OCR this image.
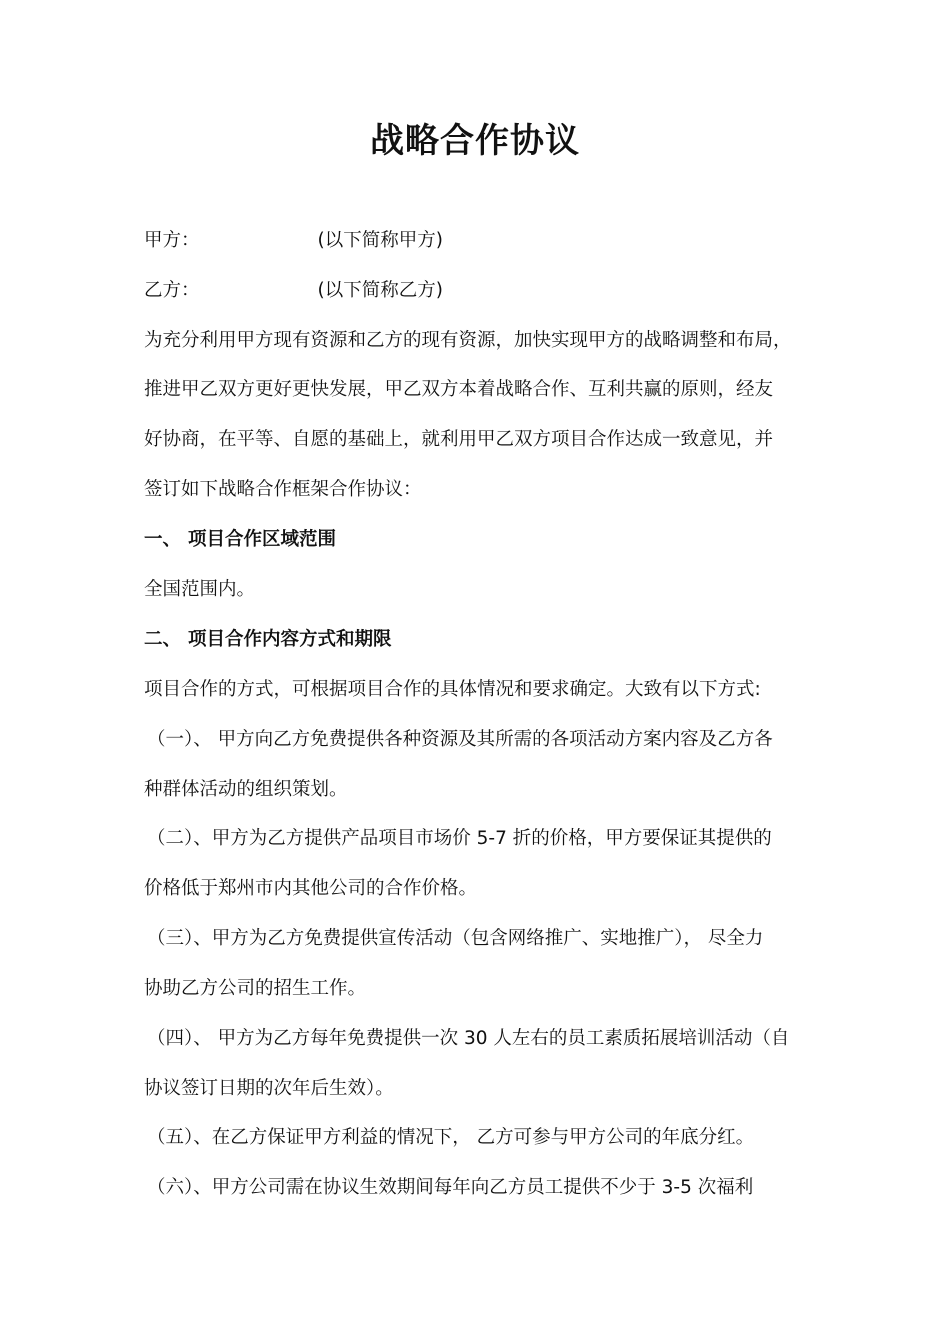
战略合作协议
甲方：	(以下简称甲方)
乙方：	(以下简称乙方)
为充分利用甲方现有资源和乙方的现有资源，加快实现甲方的战略调整和布局，
推进甲乙双方更好更快发展，甲乙双方本着战略合作、互利共赢的原则，经友
好协商，在平等、自愿的基础上，就利用甲乙双方项目合作达成一致意见，并
签订如下战略合作框架合作协议：
一、 项目合作区域范围
全国范围内。
二、 项目合作内容方式和期限
项目合作的方式，可根据项目合作的具体情况和要求确定。大致有以下方式:
（一）、 甲方向乙方免费提供各种资源及其所需的各项活动方案内容及乙方各
种群体活动的组织策划。
（二）、甲方为乙方提供产品项目市场价 5-7 折的价格，甲方要保证其提供的
价格低于郑州市内其他公司的合作价格。
（三）、甲方为乙方免费提供宣传活动（包含网络推广、实地推广）， 尽全力
协助乙方公司的招生工作。
（四）、 甲方为乙方每年免费提供一次 30 人左右的员工素质拓展培训活动（自
协议签订日期的次年后生效）。
（五）、在乙方保证甲方利益的情况下， 乙方可参与甲方公司的年底分红。
（六）、甲方公司需在协议生效期间每年向乙方员工提供不少于 3-5 次福利
